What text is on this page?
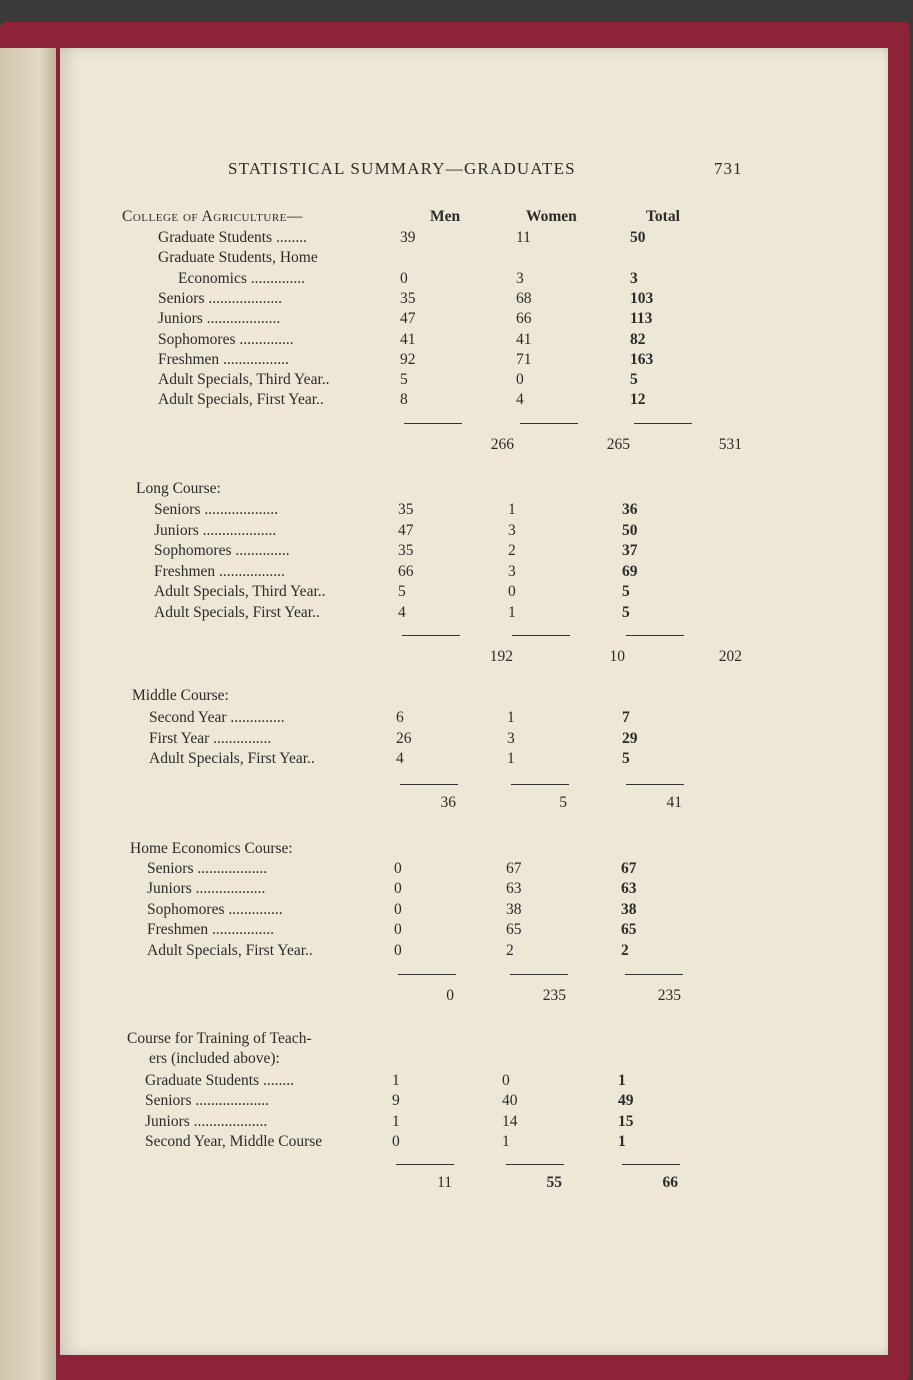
STATISTICAL SUMMARY—GRADUATES	731
College of Agriculture—	Men	Women	Total
Graduate Students ........	39	11	50
Graduate Students, Home
Economics ..............	0	3	3
Seniors ...................	35	68	103
Juniors ...................	47	66	113
Sophomores ..............	41	41	82
Freshmen .................	92	71	163
Adult Specials, Third Year..	5	0	5
Adult Specials, First Year..	8	4	12
266	265	531
Long Course:
Seniors ...................	35	1	36
Juniors ...................	47	3	50
Sophomores ..............	35	2	37
Freshmen .................	66	3	69
Adult Specials, Third Year..	5	0	5
Adult Specials, First Year..	4	1	5
192	10	202
Middle Course:
Second Year ..............	6	1	7
First Year ...............	26	3	29
Adult Specials, First Year..	4	1	5
36	5	41
Home Economics Course:
Seniors ..................	0	67	67
Juniors ..................	0	63	63
Sophomores ..............	0	38	38
Freshmen ................	0	65	65
Adult Specials, First Year..	0	2	2
0	235	235
Course for Training of Teach-
ers (included above):
Graduate Students ........	1	0	1
Seniors ...................	9	40	49
Juniors ...................	1	14	15
Second Year, Middle Course	0	1	1
11	55	66
